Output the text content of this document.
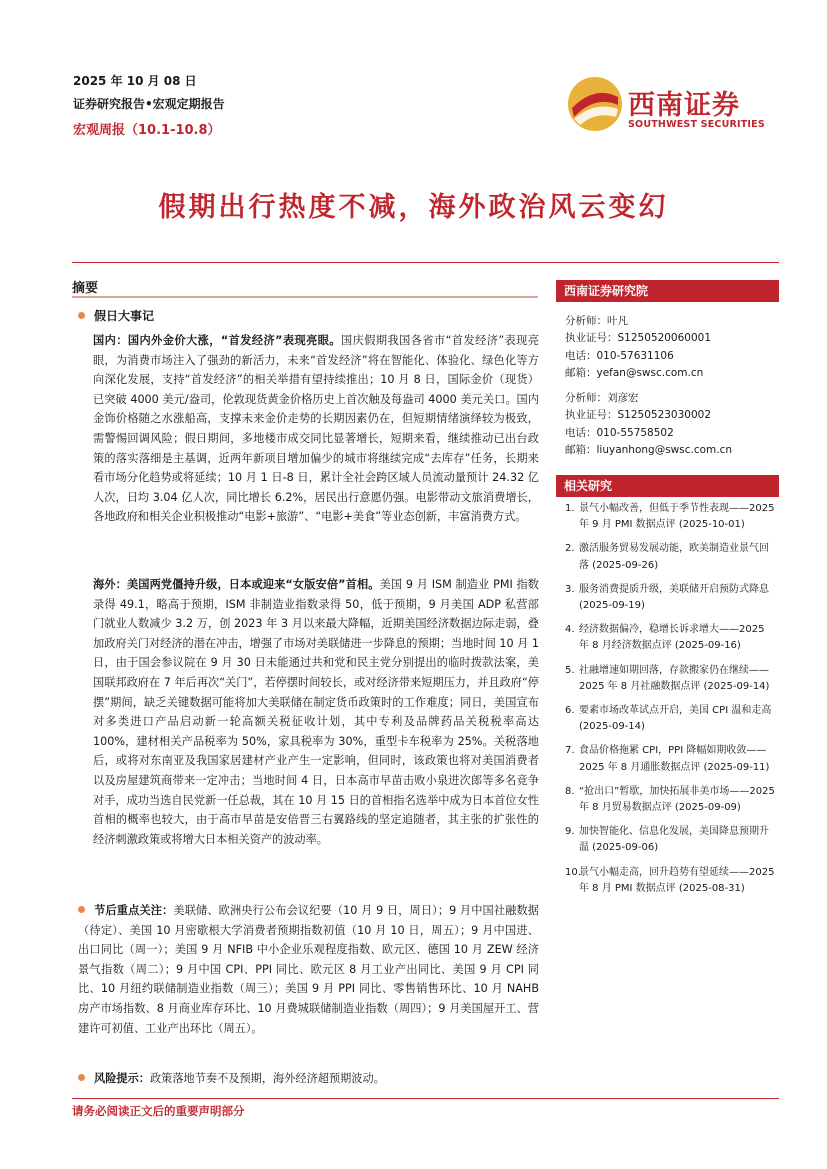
2025 年 10 月 08 日
证券研究报告•宏观定期报告
宏观周报（10.1-10.8）
西南证券
SOUTHWEST SECURITIES
假期出行热度不减，海外政治风云变幻
摘要
假日大事记
国内：国内外金价大涨，“首发经济”表现亮眼。国庆假期我国各省市“首发经济”表现亮眼，为消费市场注入了强劲的新活力，未来“首发经济”将在智能化、体验化、绿色化等方向深化发展，支持“首发经济”的相关举措有望持续推出；10 月 8 日，国际金价（现货）已突破 4000 美元/盎司，伦敦现货黄金价格历史上首次触及每盎司 4000 美元关口。国内金饰价格随之水涨船高，支撑未来金价走势的长期因素仍在，但短期情绪演绎较为极致，需警惕回调风险；假日期间，多地楼市成交同比显著增长，短期来看，继续推动已出台政策的落实落细是主基调，近两年新项目增加偏少的城市将继续完成“去库存”任务，长期来看市场分化趋势或将延续；10 月 1 日-8 日，累计全社会跨区域人员流动量预计 24.32 亿人次，日均 3.04 亿人次，同比增长 6.2%，居民出行意愿仍强。电影带动文旅消费增长，各地政府和相关企业积极推动“电影+旅游”、“电影+美食”等业态创新，丰富消费方式。
海外：美国两党僵持升级，日本或迎来“女版安倍”首相。美国 9 月 ISM 制造业 PMI 指数录得 49.1，略高于预期，ISM 非制造业指数录得 50，低于预期，9 月美国 ADP 私营部门就业人数减少 3.2 万，创 2023 年 3 月以来最大降幅，近期美国经济数据边际走弱，叠加政府关门对经济的潜在冲击，增强了市场对美联储进一步降息的预期；当地时间 10 月 1 日，由于国会参议院在 9 月 30 日未能通过共和党和民主党分别提出的临时拨款法案，美国联邦政府在 7 年后再次“关门”，若停摆时间较长，或对经济带来短期压力，并且政府“停摆”期间，缺乏关键数据可能将加大美联储在制定货币政策时的工作难度；同日，美国宣布对多类进口产品启动新一轮高额关税征收计划，其中专利及品牌药品关税税率高达 100%，建材相关产品税率为 50%，家具税率为 30%，重型卡车税率为 25%。关税落地后，或将对东南亚及我国家居建材产业产生一定影响，但同时，该政策也将对美国消费者以及房屋建筑商带来一定冲击；当地时间 4 日，日本高市早苗击败小泉进次郎等多名竞争对手，成功当选自民党新一任总裁，其在 10 月 15 日的首相指名选举中成为日本首位女性首相的概率也较大，由于高市早苗是安倍晋三右翼路线的坚定追随者，其主张的扩张性的经济刺激政策或将增大日本相关资产的波动率。
节后重点关注：美联储、欧洲央行公布会议纪要（10 月 9 日，周日）；9 月中国社融数据（待定）、美国 10 月密歇根大学消费者预期指数初值（10 月 10 日，周五）；9 月中国进、出口同比（周一）；美国 9 月 NFIB 中小企业乐观程度指数、欧元区、德国 10 月 ZEW 经济景气指数（周二）；9 月中国 CPI、PPI 同比、欧元区 8 月工业产出同比、美国 9 月 CPI 同比、10 月纽约联储制造业指数（周三）；美国 9 月 PPI 同比、零售销售环比、10 月 NAHB 房产市场指数、8 月商业库存环比、10 月费城联储制造业指数（周四）；9 月美国屋开工、营建许可初值、工业产出环比（周五）。
风险提示：政策落地节奏不及预期，海外经济超预期波动。
西南证券研究院
分析师：叶凡
执业证号：S1250520060001
电话：010-57631106
邮箱：yefan@swsc.com.cn
分析师：刘彦宏
执业证号：S1250523030002
电话：010-55758502
邮箱：liuyanhong@swsc.com.cn
相关研究
1. 景气小幅改善，但低于季节性表现——2025 年 9 月 PMI 数据点评 (2025-10-01)
2. 激活服务贸易发展动能，欧美制造业景气回落 (2025-09-26)
3. 服务消费提质升级，美联储开启预防式降息 (2025-09-19)
4. 经济数据偏冷，稳增长诉求增大——2025 年 8 月经济数据点评 (2025-09-16)
5. 社融增速如期回落，存款搬家仍在继续——2025 年 8 月社融数据点评 (2025-09-14)
6. 要素市场改革试点开启，美国 CPI 温和走高 (2025-09-14)
7. 食品价格拖累 CPI，PPI 降幅如期收敛——2025 年 8 月通胀数据点评 (2025-09-11)
8. “抢出口”暂歇，加快拓展非美市场——2025 年 8 月贸易数据点评 (2025-09-09)
9. 加快智能化、信息化发展，美国降息预期升温 (2025-09-06)
10.
景气小幅走高，回升趋势有望延续——2025 年 8 月 PMI 数据点评 (2025-08-31)
请务必阅读正文后的重要声明部分
